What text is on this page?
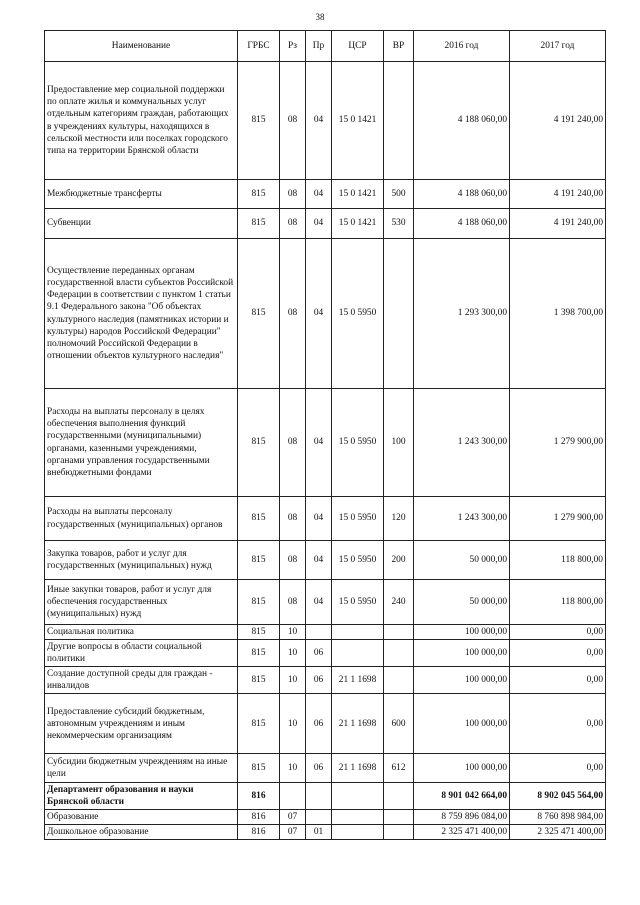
38
Наименование	ГРБС	Рз	Пр	ЦСР	ВР	2016 год	2017 год
Предоставление мер социальной поддержки по оплате жилья и коммунальных услуг отдельным категориям граждан, работающих в учреждениях культуры, находящихся в сельской местности или поселках городского типа на территории Брянской области	815	08	04	15 0 1421		4 188 060,00	4 191 240,00
Межбюджетные трансферты	815	08	04	15 0 1421	500	4 188 060,00	4 191 240,00
Субвенции	815	08	04	15 0 1421	530	4 188 060,00	4 191 240,00
Осуществление переданных органам государственной власти субъектов Российской Федерации в соответствии с пунктом 1 статьи 9.1 Федерального закона "Об объектах культурного наследия (памятниках истории и культуры) народов Российской Федерации" полномочий Российской Федерации в отношении объектов культурного наследия"	815	08	04	15 0 5950		1 293 300,00	1 398 700,00
Расходы на выплаты персоналу в целях обеспечения выполнения функций государственными (муниципальными) органами, казенными учреждениями, органами управления государственными внебюджетными фондами	815	08	04	15 0 5950	100	1 243 300,00	1 279 900,00
Расходы на выплаты персоналу государственных (муниципальных) органов	815	08	04	15 0 5950	120	1 243 300,00	1 279 900,00
Закупка товаров, работ и услуг для государственных (муниципальных) нужд	815	08	04	15 0 5950	200	50 000,00	118 800,00
Иные закупки товаров, работ и услуг для обеспечения государственных (муниципальных) нужд	815	08	04	15 0 5950	240	50 000,00	118 800,00
Социальная политика	815	10				100 000,00	0,00
Другие вопросы в области социальной политики	815	10	06			100 000,00	0,00
Создание доступной среды для граждан - инвалидов	815	10	06	21 1 1698		100 000,00	0,00
Предоставление субсидий бюджетным, автономным учреждениям и иным некоммерческим организациям	815	10	06	21 1 1698	600	100 000,00	0,00
Субсидии бюджетным учреждениям на иные цели	815	10	06	21 1 1698	612	100 000,00	0,00
Департамент образования и науки Брянской области	816					8 901 042 664,00	8 902 045 564,00
Образование	816	07				8 759 896 084,00	8 760 898 984,00
Дошкольное образование	816	07	01			2 325 471 400,00	2 325 471 400,00
